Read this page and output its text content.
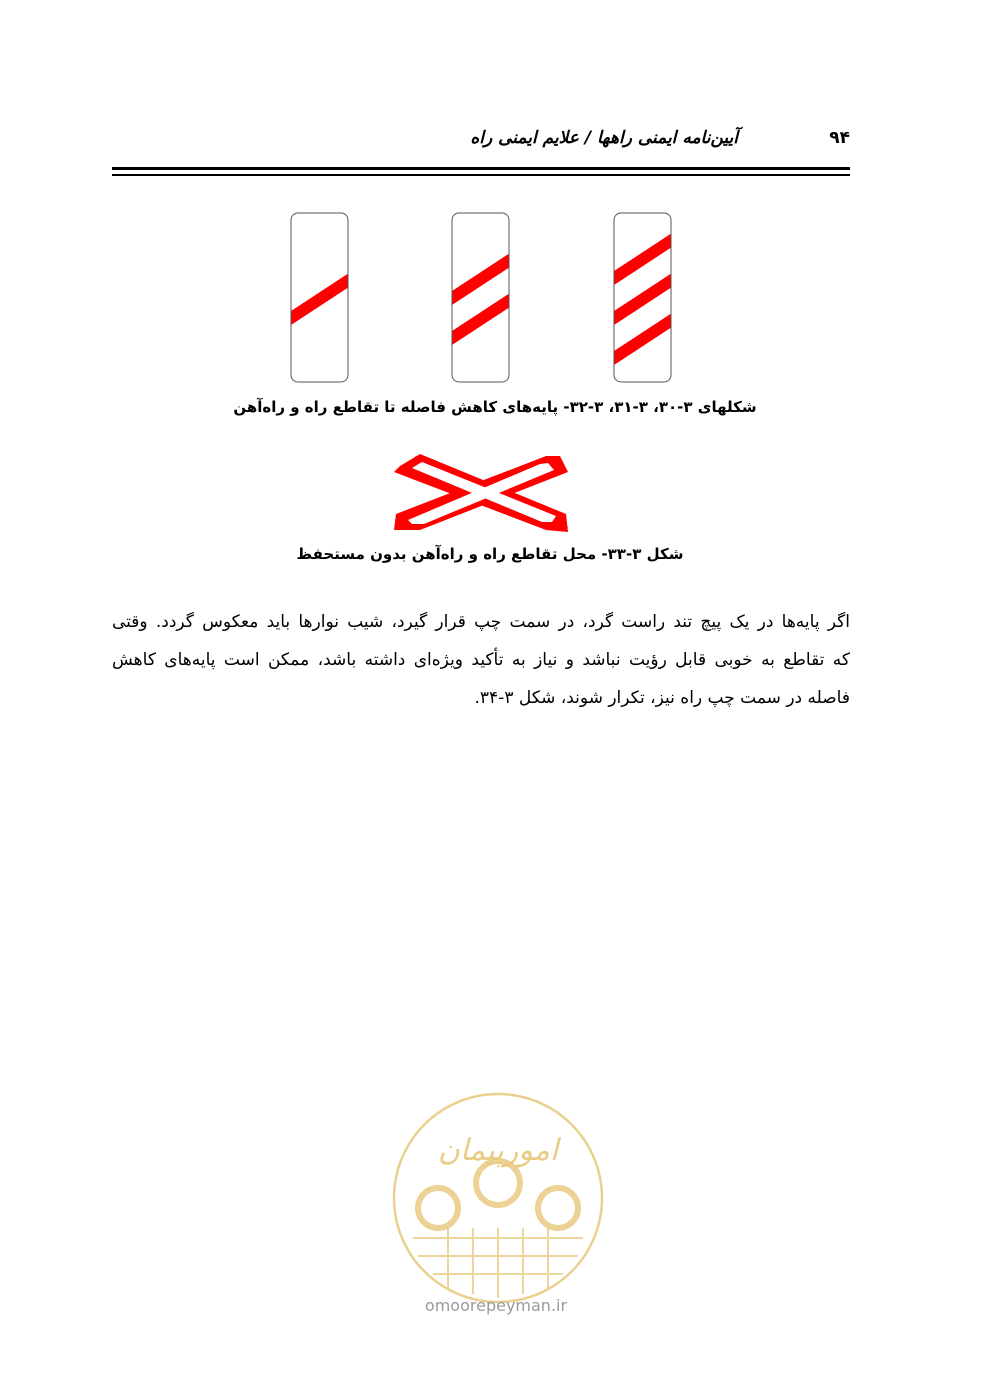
۹۴
آیین‌نامه ایمنی راهها / علایم ایمنی راه
شکلهای ۳-۳۰، ۳-۳۱، ۳-۳۲- پایه‌های کاهش فاصله تا تقاطع راه و راه‌آهن
شکل ۳-۳۳- محل تقاطع راه و راه‌آهن بدون مستحفظ
اگر پایه‌ها در یک پیچ تند راست گرد، در سمت چپ قرار گیرد، شیب نوارها باید معکوس گردد. وقتی
که تقاطع به خوبی قابل رؤیت نباشد و نیاز به تأکید ویژه‌ای داشته باشد، ممکن است پایه‌های کاهش
فاصله در سمت چپ راه نیز، تکرار شوند، شکل ۳-۳۴.
امورپیمان
omoorepeyman.ir
